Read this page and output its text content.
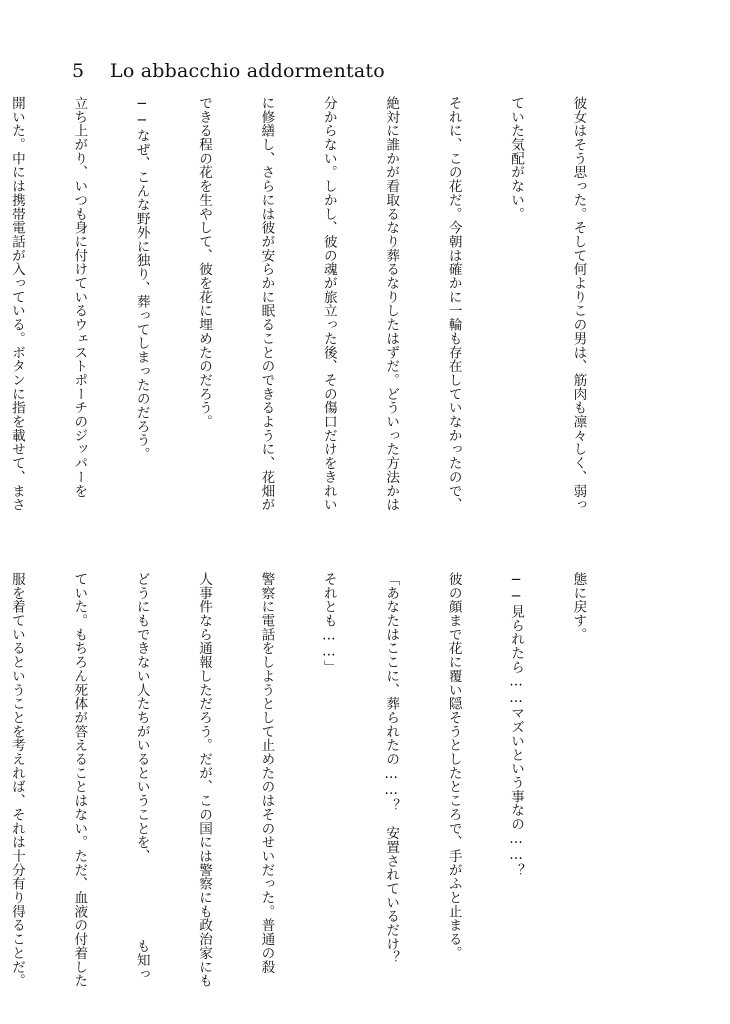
5	Lo abbacchio addormentato

彼女はそう思った。そして何よりこの男は、筋肉も凛々しく、弱っ

ていた気配がない。

それに、この花だ。今朝は確かに一輪も存在していなかったので、

絶対に誰かが看取るなり葬るなりしたはずだ。どういった方法かは

分からない。しかし、彼の魂が旅立った後、その傷口だけをきれい

に修繕し、さらには彼が安らかに眠ることのできるように、花畑が

できる程の花を生やして、彼を花に埋めたのだろう。

──なぜ、こんな野外に独り、葬ってしまったのだろう。

立ち上がり、いつも身に付けているウェストポーチのジッパーを

開いた。中には携帯電話が入っている。ボタンに指を載せて、まさ

態に戻す。

──見られたら……マズいという事なの……？

彼の顔まで花に覆い隠そうとしたところで、手がふと止まる。

「あなたはここに、葬られたの……？　安置されているだけ？

それとも……」

警察に電話をしようとして止めたのはそのせいだった。普通の殺

人事件なら通報しただろう。だが、この国には警察にも政治家にも

どうにもできない人たちがいるということを、　　　　　　も知っ

ていた。もちろん死体が答えることはない。ただ、血液の付着した

服を着ているということを考えれば、それは十分有り得ることだ。
